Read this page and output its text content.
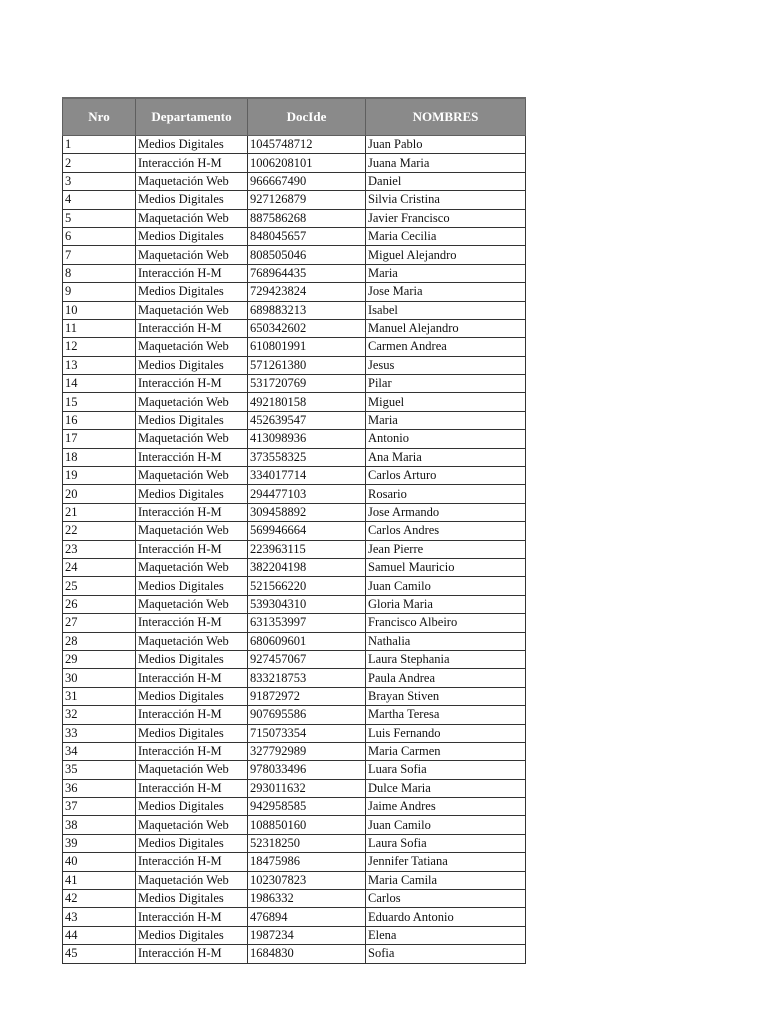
Nro	Departamento	DocIde	NOMBRES
1	Medios Digitales	1045748712	Juan Pablo
2	Interacción H-M	1006208101	Juana Maria
3	Maquetación Web	966667490	Daniel
4	Medios Digitales	927126879	Silvia Cristina
5	Maquetación Web	887586268	Javier Francisco
6	Medios Digitales	848045657	Maria Cecilia
7	Maquetación Web	808505046	Miguel Alejandro
8	Interacción H-M	768964435	Maria
9	Medios Digitales	729423824	Jose Maria
10	Maquetación Web	689883213	Isabel
11	Interacción H-M	650342602	Manuel Alejandro
12	Maquetación Web	610801991	Carmen Andrea
13	Medios Digitales	571261380	Jesus
14	Interacción H-M	531720769	Pilar
15	Maquetación Web	492180158	Miguel
16	Medios Digitales	452639547	Maria
17	Maquetación Web	413098936	Antonio
18	Interacción H-M	373558325	Ana Maria
19	Maquetación Web	334017714	Carlos Arturo
20	Medios Digitales	294477103	Rosario
21	Interacción H-M	309458892	Jose Armando
22	Maquetación Web	569946664	Carlos Andres
23	Interacción H-M	223963115	Jean Pierre
24	Maquetación Web	382204198	Samuel Mauricio
25	Medios Digitales	521566220	Juan Camilo
26	Maquetación Web	539304310	Gloria Maria
27	Interacción H-M	631353997	Francisco Albeiro
28	Maquetación Web	680609601	Nathalia
29	Medios Digitales	927457067	Laura Stephania
30	Interacción H-M	833218753	Paula Andrea
31	Medios Digitales	91872972	Brayan Stiven
32	Interacción H-M	907695586	Martha Teresa
33	Medios Digitales	715073354	Luis Fernando
34	Interacción H-M	327792989	Maria Carmen
35	Maquetación Web	978033496	Luara Sofia
36	Interacción H-M	293011632	Dulce Maria
37	Medios Digitales	942958585	Jaime Andres
38	Maquetación Web	108850160	Juan Camilo
39	Medios Digitales	52318250	Laura Sofia
40	Interacción H-M	18475986	Jennifer Tatiana
41	Maquetación Web	102307823	Maria Camila
42	Medios Digitales	1986332	Carlos
43	Interacción H-M	476894	Eduardo Antonio
44	Medios Digitales	1987234	Elena
45	Interacción H-M	1684830	Sofia
